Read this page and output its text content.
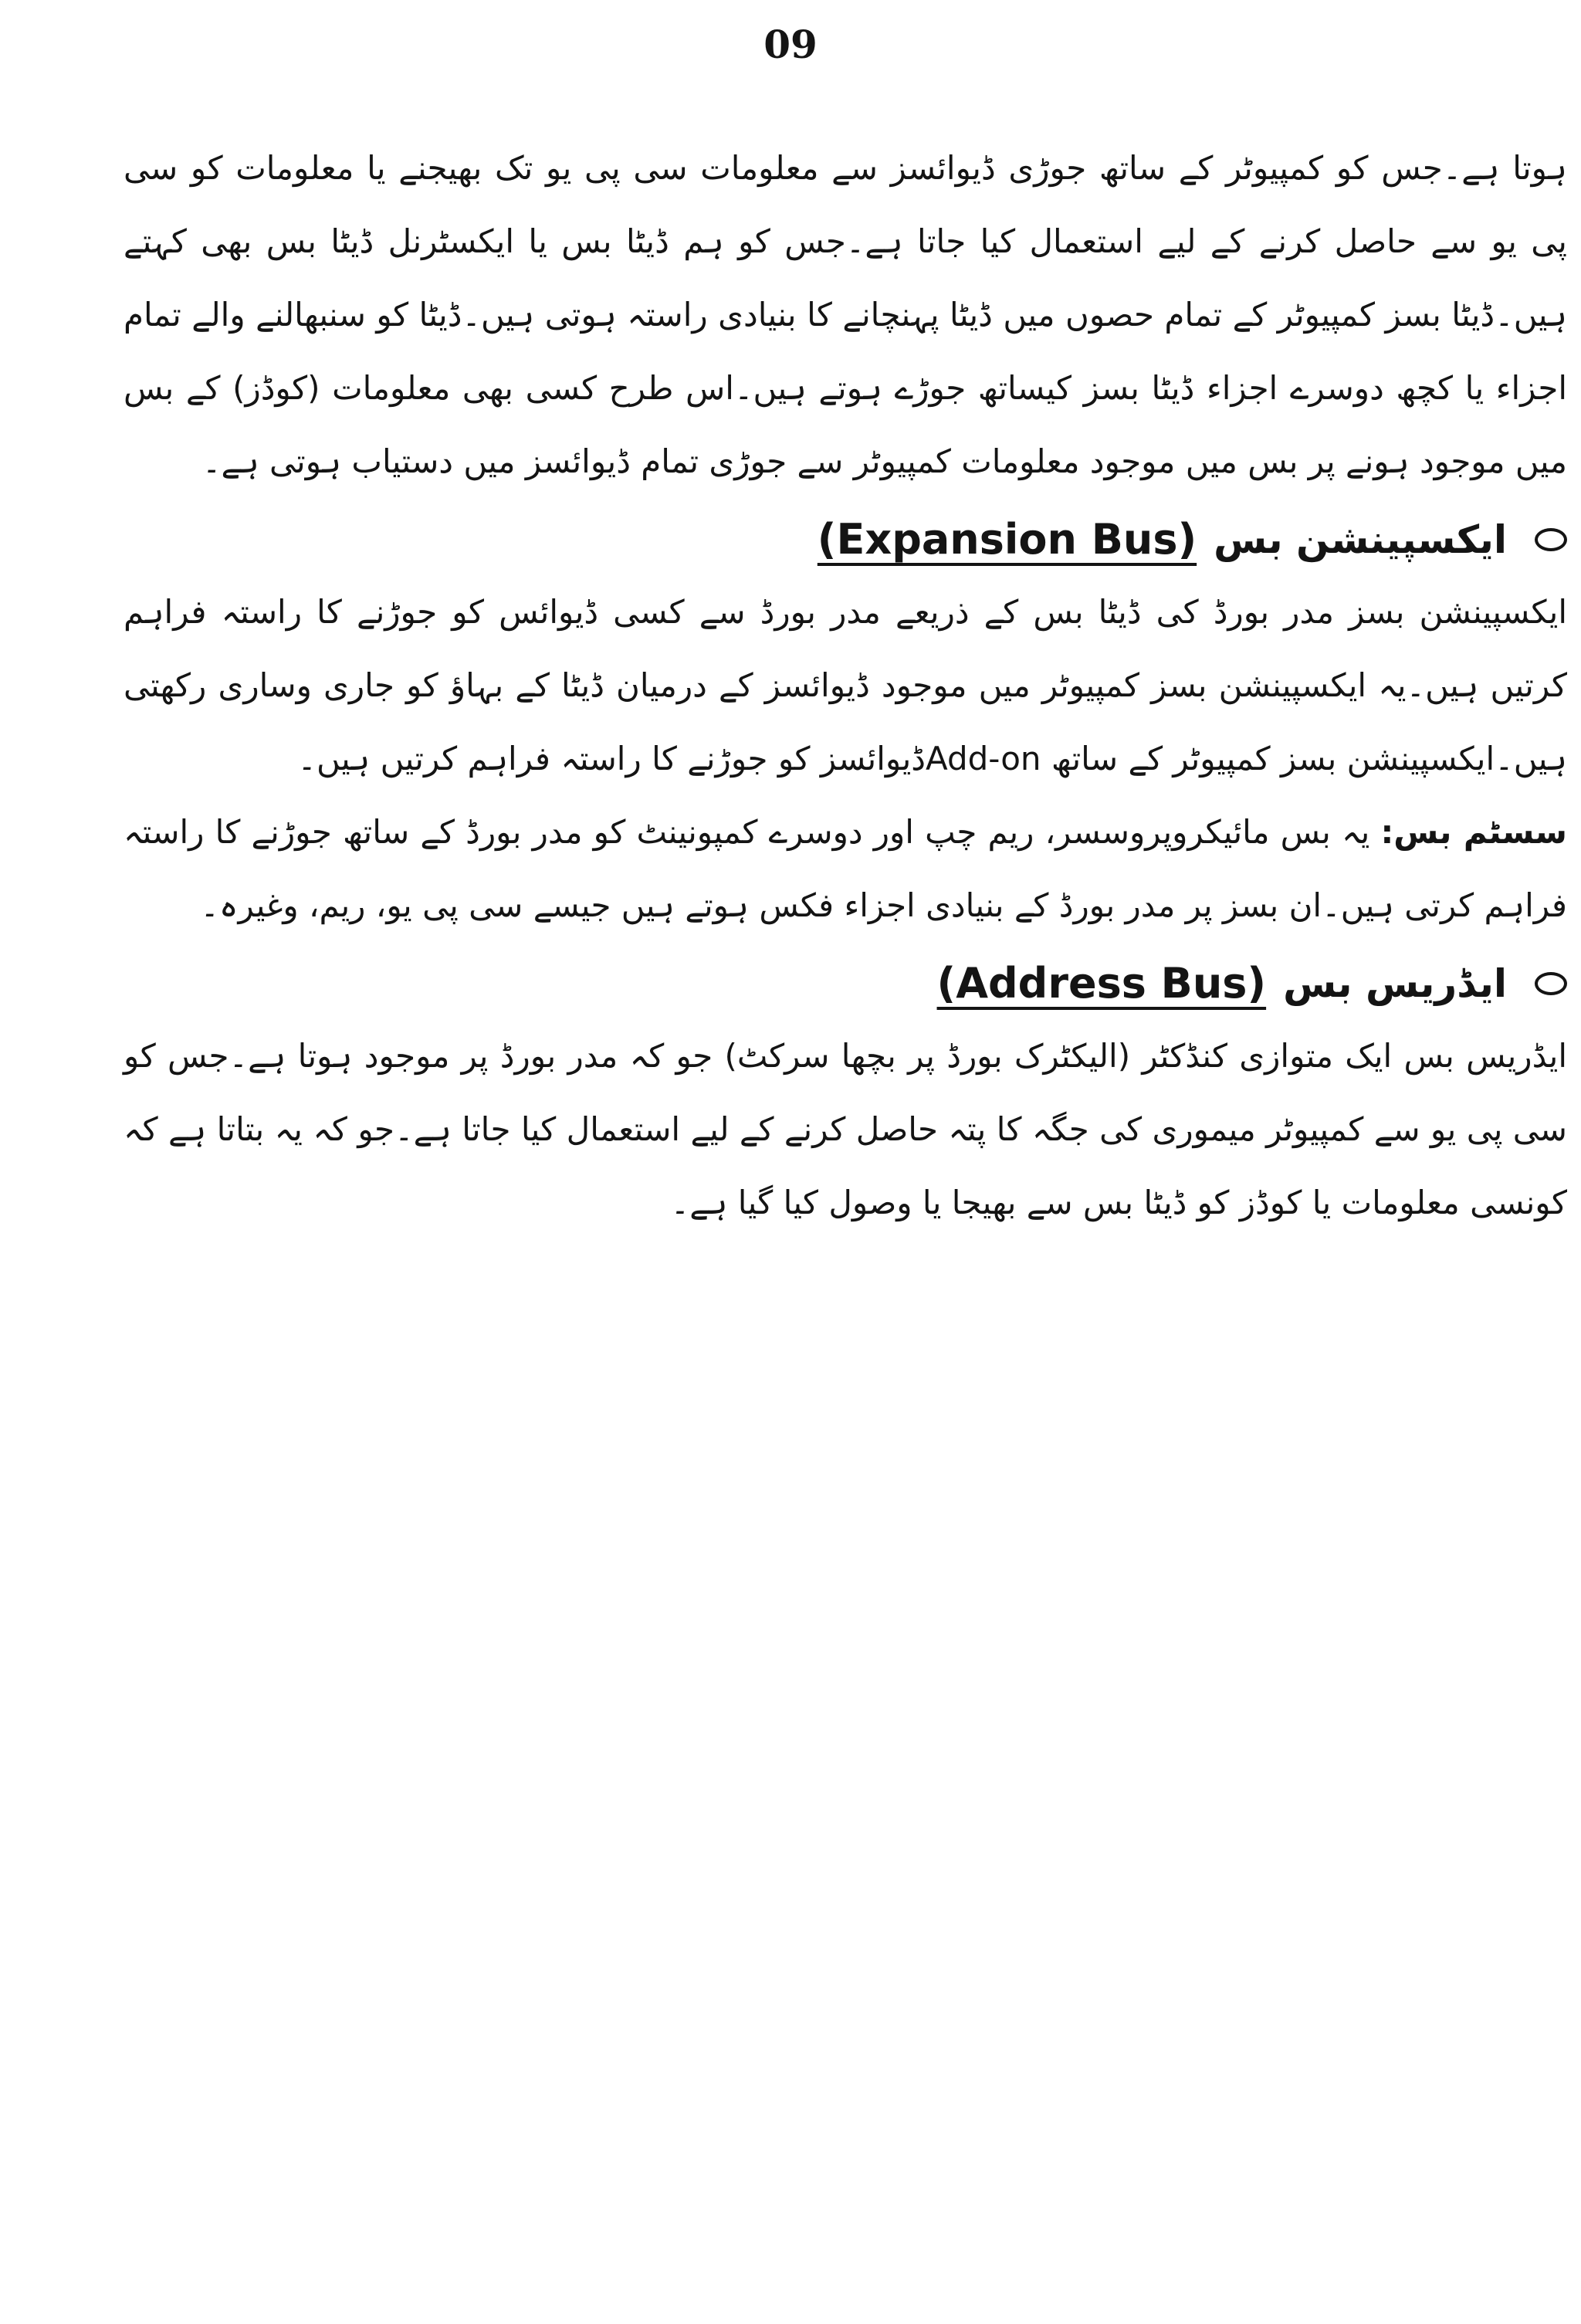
09

ہوتا ہے۔جس کو کمپیوٹر کے ساتھ جوڑی ڈیوائسز سے معلومات سی پی یو تک بھیجنے یا معلومات کو سی پی یو سے حاصل کرنے کے لیے استعمال کیا جاتا ہے۔جس کو ہم ڈیٹا بس یا ایکسٹرنل ڈیٹا بس بھی کہتے ہیں۔ڈیٹا بسز کمپیوٹر کے تمام حصوں میں ڈیٹا پہنچانے کا بنیادی راستہ ہوتی ہیں۔ڈیٹا کو سنبھالنے والے تمام اجزاء یا کچھ دوسرے اجزاء ڈیٹا بسز کیساتھ جوڑے ہوتے ہیں۔اس طرح کسی بھی معلومات (کوڈز) کے بس میں موجود ہونے پر بس میں موجود معلومات کمپیوٹر سے جوڑی تمام ڈیوائسز میں دستیاب ہوتی ہے۔

ایکسپینشن بس(Expansion Bus)

ایکسپینشن بسز مدر بورڈ کی ڈیٹا بس کے ذریعے مدر بورڈ سے کسی ڈیوائس کو جوڑنے کا راستہ فراہم کرتیں ہیں۔یہ ایکسپینشن بسز کمپیوٹر میں موجود ڈیوائسز کے درمیان ڈیٹا کے بہاؤ کو جاری وساری رکھتی ہیں۔ایکسپینشن بسز کمپیوٹر کے ساتھ Add-onڈیوائسز کو جوڑنے کا راستہ فراہم کرتیں ہیں۔

سسٹم بس: یہ بس مائیکروپروسسر، ریم چپ اور دوسرے کمپونینٹ کو مدر بورڈ کے ساتھ جوڑنے کا راستہ فراہم کرتی ہیں۔ان بسز پر مدر بورڈ کے بنیادی اجزاء فکس ہوتے ہیں جیسے سی پی یو، ریم، وغیرہ۔

ایڈریس بس(Address Bus)

ایڈریس بس ایک متوازی کنڈکٹر (الیکٹرک بورڈ پر بچھا سرکٹ) جو کہ مدر بورڈ پر موجود ہوتا ہے۔جس کو سی پی یو سے کمپیوٹر میموری کی جگہ کا پتہ حاصل کرنے کے لیے استعمال کیا جاتا ہے۔جو کہ یہ بتاتا ہے کہ کونسی معلومات یا کوڈز کو ڈیٹا بس سے بھیجا یا وصول کیا گیا ہے۔
